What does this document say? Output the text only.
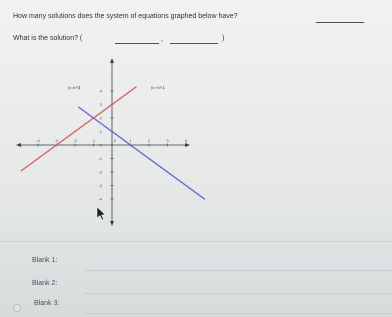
How many solutions does the system of equations graphed below have?
What is the solution? (	,	)
-4	-3	-2	-1	0	1	2	3	4
4
3
2
1
-1
-2
-3
-4
0
y=x+3	y=-x+1
Blank 1:
Blank 2:
Blank 3:
